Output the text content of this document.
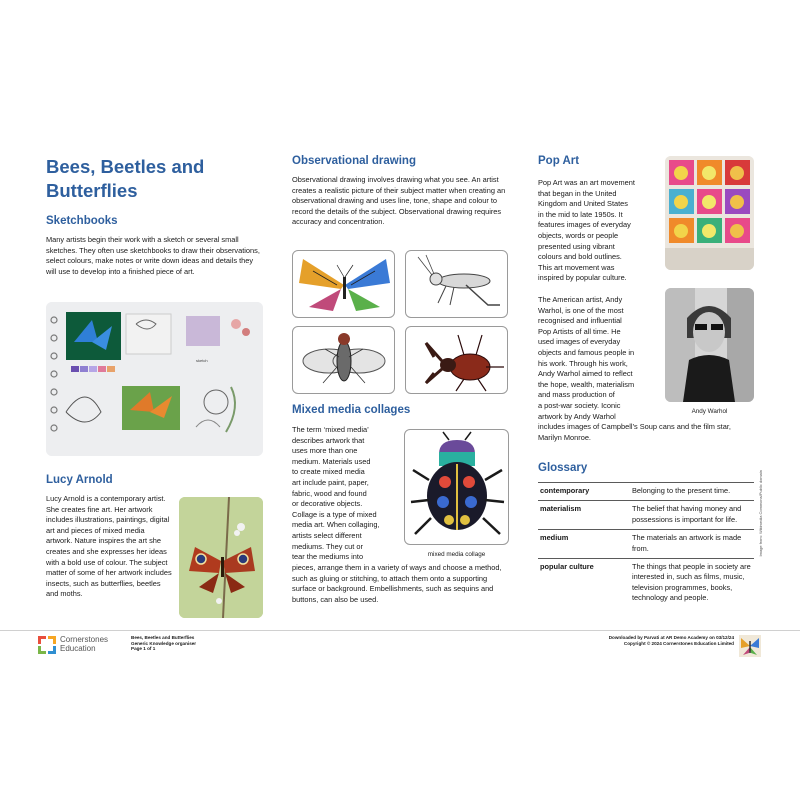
Bees, Beetles and Butterflies
Sketchbooks
Many artists begin their work with a sketch or several small sketches. They often use sketchbooks to draw their observations, select colours, make notes or write down ideas and details they will use to develop into a finished piece of art.
sketch
Lucy Arnold
Lucy Arnold is a contemporary artist. She creates fine art. Her artwork includes illustrations, paintings, digital art and pieces of mixed media artwork. Nature inspires the art she creates and she expresses her ideas with a bold use of colour. The subject matter of some of her artwork includes insects, such as butterflies, beetles and moths.
Observational drawing
Observational drawing involves drawing what you see. An artist creates a realistic picture of their subject matter when creating an observational drawing and uses line, tone, shape and colour to record the details of the subject. Observational drawing requires accuracy and concentration.
Mixed media collages
The term ‘mixed media’
describes artwork that
uses more than one
medium. Materials used
to create mixed media
art include paint, paper,
fabric, wood and found
or decorative objects.
Collage is a type of mixed
media art. When collaging,
artists select different
mediums. They cut or
tear the mediums into
pieces, arrange them in a variety of ways and choose a method, such as gluing or stitching, to attach them onto a supporting surface or background. Embellishments, such as sequins and buttons, can also be used.
mixed media collage
Pop Art
Pop Art was an art movement
that began in the United
Kingdom and United States
in the mid to late 1950s. It
features images of everyday
objects, words or people
presented using vibrant
colours and bold outlines.
This art movement was
inspired by popular culture.
The American artist, Andy
Warhol, is one of the most
recognised and influential
Pop Artists of all time. He
used images of everyday
objects and famous people in
his work. Through his work,
Andy Warhol aimed to reflect
the hope, wealth, materialism
and mass production of
a post-war society. Iconic
artwork by Andy Warhol
includes images of Campbell’s Soup cans and the film star, Marilyn Monroe.
Andy Warhol
Glossary
contemporary	Belonging to the present time.
materialism	The belief that having money and possessions is important for life.
medium	The materials an artwork is made from.
popular culture	The things that people in society are interested in, such as films, music, television programmes, books, technology and people.
Image from: Wikimedia Commons/Public domain
Cornerstones
Education
Bees, Beetles and Butterflies
Generic Knowledge organiser
Page 1 of 1
Downloaded by Parvati at AR Demo Academy on 03/12/24
Copyright © 2024 Cornerstones Education Limited
